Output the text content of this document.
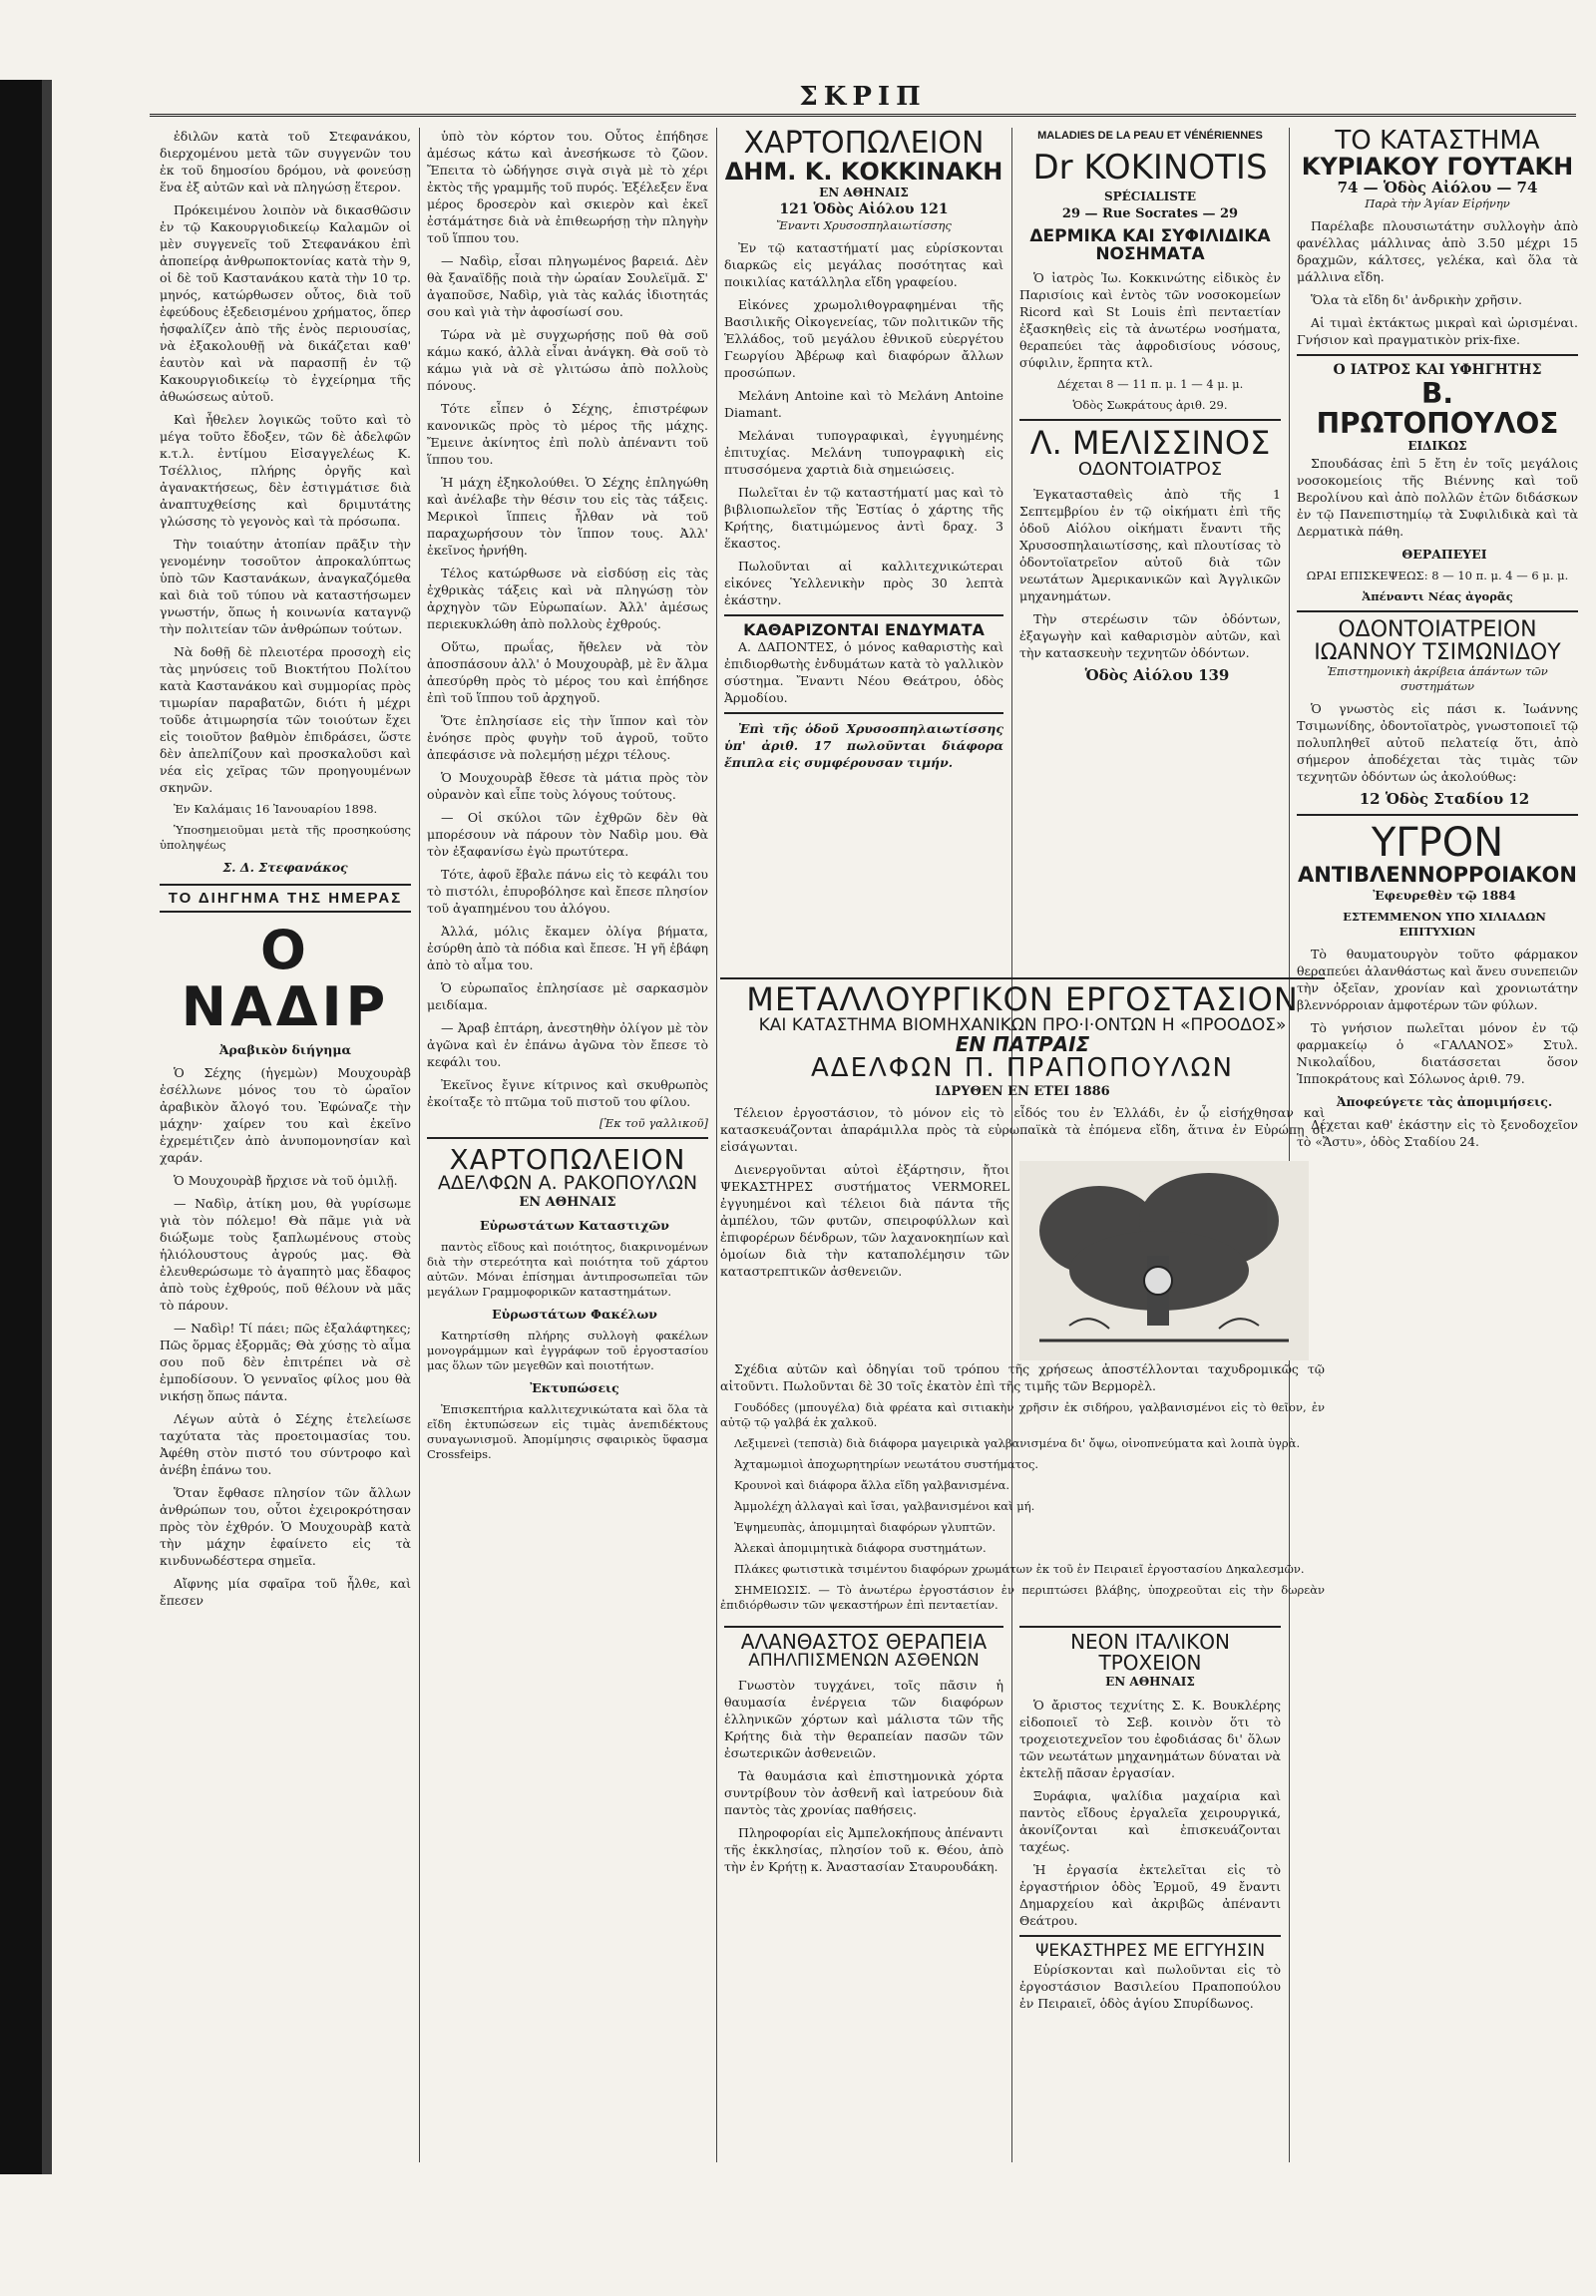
ΣΚΡΙΠ

ἐδιλῶν κατὰ τοῦ Στεφανάκου, διερχομένου μετὰ τῶν συγγενῶν του ἐκ τοῦ δημοσίου δρόμου, νὰ φονεύσῃ ἕνα ἐξ αὐτῶν καὶ νὰ πληγώσῃ ἕτερον.

Πρόκειμένου λοιπὸν νὰ δικασθῶσιν ἐν τῷ Κακουργιοδικείῳ Καλαμῶν οἱ μὲν συγγενεῖς τοῦ Στεφανάκου ἐπὶ ἀποπείρᾳ ἀνθρωποκτονίας κατὰ τὴν 9, οἱ δὲ τοῦ Καστανάκου κατὰ τὴν 10 τρ. μηνός, κατώρθωσεν οὗτος, διὰ τοῦ ἐφεύδους ἐξεδεισμένου χρήματος, ὅπερ ἠσφαλίζεν ἀπὸ τῆς ἑνὸς περιουσίας, νὰ ἐξακολουθῇ νὰ δικάζεται καθ' ἑαυτὸν καὶ νὰ παρασπῇ ἐν τῷ Κακουργιοδικείῳ τὸ ἐγχείρημα τῆς ἀθωώσεως αὐτοῦ.

Καὶ ἦθελεν λογικῶς τοῦτο καὶ τὸ μέγα τοῦτο ἔδοξεν, τῶν δὲ ἀδελφῶν κ.τ.λ. ἐντίμου Εἰσαγγελέως Κ. Τσέλλιος, πλήρης ὀργῆς καὶ ἀγανακτήσεως, δὲν ἐστιγμάτισε διὰ ἀναπτυχθείσης καὶ δριμυτάτης γλώσσης τὸ γεγονὸς καὶ τὰ πρόσωπα.

Τὴν τοιαύτην ἀτοπίαν πρᾶξιν τὴν γενομένην τοσοῦτον ἀπροκαλύπτως ὑπὸ τῶν Καστανάκων, ἀναγκαζόμεθα καὶ διὰ τοῦ τύπου νὰ καταστήσωμεν γνωστήν, ὅπως ἡ κοινωνία καταγνῷ τὴν πολιτείαν τῶν ἀνθρώπων τούτων.

Νὰ δοθῇ δὲ πλειοτέρα προσοχὴ εἰς τὰς μηνύσεις τοῦ Βιοκτήτου Πολίτου κατὰ Καστανάκου καὶ συμμορίας πρὸς τιμωρίαν παραβατῶν, διότι ἡ μέχρι τοῦδε ἀτιμωρησία τῶν τοιούτων ἔχει εἰς τοιοῦτον βαθμὸν ἐπιδράσει, ὥστε δὲν ἀπελπίζουν καὶ προσκαλοῦσι καὶ νέα εἰς χεῖρας τῶν προηγουμένων σκηνῶν.

Ἐν Καλάμαις 16 Ἰανουαρίου 1898.

Ὑποσημειοῦμαι μετὰ τῆς προσηκούσης ὑποληψέως

Σ. Δ. Στεφανάκος

ΤΟ ΔΙΗΓΗΜΑ ΤΗΣ ΗΜΕΡΑΣ
Ο ΝΑΔΙΡ

Ἀραβικὸν διήγημα

Ὁ Σέχης (ἡγεμὼν) Μουχουρὰβ ἐσέλλωνε μόνος του τὸ ὡραῖον ἀραβικὸν ἄλογό του. Ἐφώναζε τὴν μάχην· χαίρεν του καὶ ἐκεῖνο ἐχρεμέτιζεν ἀπὸ ἀνυπομονησίαν καὶ χαράν.

Ὁ Μουχουρὰβ ἤρχισε νὰ τοῦ ὁμιλῇ.

— Ναδὶρ, ἀτίκη μου, θὰ γυρίσωμε γιὰ τὸν πόλεμο! Θὰ πᾶμε γιὰ νὰ διώξωμε τοὺς ξαπλωμένους στοὺς ἡλιόλουστους ἀγρούς μας. Θὰ ἐλευθερώσωμε τὸ ἀγαπητὸ μας ἔδαφος ἀπὸ τοὺς ἐχθρούς, ποῦ θέλουν νὰ μᾶς τὸ πάρουν.

— Ναδὶρ! Τί πάει; πῶς ἐξαλάφτηκες; Πῶς ὅρμας ἐξορμᾶς; Θὰ χύσῃς τὸ αἷμα σου ποῦ δὲν ἐπιτρέπει νὰ σὲ ἐμποδίσουν. Ὁ γενναῖος φίλος μου θὰ νικήσῃ ὅπως πάντα.

Λέγων αὐτὰ ὁ Σέχης ἐτελείωσε ταχύτατα τὰς προετοιμασίας του. Ἀφέθη στὸν πιστό του σύντροφο καὶ ἀνέβη ἐπάνω του.

Ὅταν ἔφθασε πλησίον τῶν ἄλλων ἀνθρώπων του, οὗτοι ἐχειροκρότησαν πρὸς τὸν ἐχθρόν. Ὁ Μουχουρὰβ κατὰ τὴν μάχην ἐφαίνετο εἰς τὰ κινδυνωδέστερα σημεῖα.

Αἴφνης μία σφαῖρα τοῦ ἦλθε, καὶ ἔπεσεν

ὑπὸ τὸν κόρτον του. Οὗτος ἐπήδησε ἀμέσως κάτω καὶ ἀνεσήκωσε τὸ ζῶον. Ἔπειτα τὸ ὡδήγησε σιγὰ σιγὰ μὲ τὸ χέρι ἐκτὸς τῆς γραμμῆς τοῦ πυρός. Ἐξέλεξεν ἕνα μέρος δροσερὸν καὶ σκιερὸν καὶ ἐκεῖ ἐστάμάτησε διὰ νὰ ἐπιθεωρήσῃ τὴν πληγὴν τοῦ ἵππου του.

— Ναδὶρ, εἶσαι πληγωμένος βαρειά. Δὲν θὰ ξαναϊδῇς ποιὰ τὴν ὡραίαν Σουλεϊμᾶ. Σ' ἀγαποῦσε, Ναδὶρ, γιὰ τὰς καλάς ἰδιοτητάς σου καὶ γιὰ τὴν ἀφοσίωσί σου.

Τώρα νὰ μὲ συγχωρήσῃς ποῦ θὰ σοῦ κάμω κακό, ἀλλὰ εἶναι ἀνάγκη. Θὰ σοῦ τὸ κάμω γιὰ νὰ σὲ γλιτώσω ἀπὸ πολλοὺς πόνους.

Τότε εἶπεν ὁ Σέχης, ἐπιστρέφων κανονικῶς πρὸς τὸ μέρος τῆς μάχης. Ἔμεινε ἀκίνητος ἐπὶ πολὺ ἀπέναντι τοῦ ἵππου του.

Ἡ μάχη ἐξηκολούθει. Ὁ Σέχης ἐπληγώθη καὶ ἀνέλαβε τὴν θέσιν του εἰς τὰς τάξεις. Μερικοὶ ἵππεις ἦλθαν νὰ τοῦ παραχωρήσουν τὸν ἵππον τους. Ἀλλ' ἐκεῖνος ἠρνήθη.

Τέλος κατώρθωσε νὰ εἰσδύσῃ εἰς τὰς ἐχθρικὰς τάξεις καὶ νὰ πληγώσῃ τὸν ἀρχηγὸν τῶν Εὐρωπαίων. Ἀλλ' ἀμέσως περιεκυκλώθη ἀπὸ πολλοὺς ἐχθρούς.

Οὕτω, πρωΐας, ἤθελεν νὰ τὸν ἀποσπάσουν ἀλλ' ὁ Μουχουρὰβ, μὲ ἓν ἄλμα ἀπεσύρθη πρὸς τὸ μέρος του καὶ ἐπήδησε ἐπὶ τοῦ ἵππου τοῦ ἀρχηγοῦ.

Ὅτε ἐπλησίασε εἰς τὴν ἵππον καὶ τὸν ἐνόησε πρὸς φυγὴν τοῦ ἀγροῦ, τοῦτο ἀπεφάσισε νὰ πολεμήσῃ μέχρι τέλους.

Ὁ Μουχουρὰβ ἔθεσε τὰ μάτια πρὸς τὸν οὐρανὸν καὶ εἶπε τοὺς λόγους τούτους.

— Οἱ σκύλοι τῶν ἐχθρῶν δὲν θὰ μπορέσουν νὰ πάρουν τὸν Ναδὶρ μου. Θὰ τὸν ἐξαφανίσω ἐγὼ πρωτύτερα.

Τότε, ἀφοῦ ἔβαλε πάνω εἰς τὸ κεφάλι του τὸ πιστόλι, ἐπυροβόλησε καὶ ἔπεσε πλησίον τοῦ ἀγαπημένου του ἀλόγου.

Ἀλλά, μόλις ἔκαμεν ὀλίγα βήματα, ἐσύρθη ἀπὸ τὰ πόδια καὶ ἔπεσε. Ἡ γῆ ἐβάφη ἀπὸ τὸ αἷμα του.

Ὁ εὐρωπαῖος ἐπλησίασε μὲ σαρκασμὸν μειδίαμα.

— Ἀραβ ἐπτάρη, ἀνεστηθὴν ὀλίγον μὲ τὸν ἀγῶνα καὶ ἐν ἐπάνω ἀγῶνα τὸν ἔπεσε τὸ κεφάλι του.

Ἐκεῖνος ἔγινε κίτρινος καὶ σκυθρωπὸς ἐκοίταξε τὸ πτῶμα τοῦ πιστοῦ του φίλου.

[Ἐκ τοῦ γαλλικοῦ]

ΧΑΡΤΟΠΩΛΕΙΟΝ
ΑΔΕΛΦΩΝ Α. ΡΑΚΟΠΟΥΛΩΝ
ΕΝ ΑΘΗΝΑΙΣ

Εὐρωστάτων Καταστιχῶν

παντὸς εἴδους καὶ ποιότητος, διακρινομένων διὰ τὴν στερεότητα καὶ ποιότητα τοῦ χάρτου αὐτῶν. Μόναι ἐπίσημαι ἀντιπροσωπεῖαι τῶν μεγάλων Γραμμοφορικῶν καταστημάτων.

Εὐρωστάτων Φακέλων

Κατηρτίσθη πλήρης συλλογὴ φακέλων μονογράμμων καὶ ἐγγράφων τοῦ ἐργοστασίου μας ὅλων τῶν μεγεθῶν καὶ ποιοτήτων.

Ἐκτυπώσεις

Ἐπισκεπτήρια καλλιτεχνικώτατα καὶ ὅλα τὰ εἴδη ἐκτυπώσεων εἰς τιμὰς ἀνεπιδέκτους συναγωνισμοῦ. Ἀπομίμησις σφαιρικὸς ὕφασμα Crossfeips.

ΧΑΡΤΟΠΩΛΕΙΟΝ
ΔΗΜ. Κ. ΚΟΚΚΙΝΑΚΗ
ΕΝ ΑΘΗΝΑΙΣ
121 Ὁδὸς Αἰόλου 121

Ἔναντι Χρυσοσπηλαιωτίσσης

Ἐν τῷ καταστήματί μας εὑρίσκονται διαρκῶς εἰς μεγάλας ποσότητας καὶ ποικιλίας κατάλληλα εἴδη γραφείου.

Εἰκόνες χρωμολιθογραφημέναι τῆς Βασιλικῆς Οἰκογενείας, τῶν πολιτικῶν τῆς Ἑλλάδος, τοῦ μεγάλου ἐθνικοῦ εὐεργέτου Γεωργίου Ἀβέρωφ καὶ διαφόρων ἄλλων προσώπων.

Μελάνη Antoine καὶ τὸ Μελάνη Antoine Diamant.

Μελάναι τυπογραφικαὶ, ἐγγυημένης ἐπιτυχίας. Μελάνη τυπογραφικὴ εἰς πτυσσόμενα χαρτιὰ διὰ σημειώσεις.

Πωλεῖται ἐν τῷ καταστήματί μας καὶ τὸ βιβλιοπωλεῖον τῆς Ἑστίας ὁ χάρτης τῆς Κρήτης, διατιμώμενος ἀντὶ δραχ. 3 ἕκαστος.

Πωλοῦνται αἱ καλλιτεχνικώτεραι εἰκόνες Ὑελλενικὴν πρὸς 30 λεπτὰ ἑκάστην.

ΚΑΘΑΡΙΖΟΝΤΑΙ ΕΝΔΥΜΑΤΑ

Α. ΔΑΠΟΝΤΕΣ, ὁ μόνος καθαριστὴς καὶ ἐπιδιορθωτὴς ἐνδυμάτων κατὰ τὸ γαλλικὸν σύστημα. Ἔναντι Νέου Θεάτρου, ὁδὸς Ἀρμοδίου.

Ἐπὶ τῆς ὁδοῦ Χρυσοσπηλαιωτίσσης ὑπ' ἀριθ. 17 πωλοῦνται διάφορα ἔπιπλα εἰς συμφέρουσαν τιμήν.

MALADIES DE LA PEAU ET VÉNÉRIENNES
Dr KOKINOTIS
SPÉCIALISTE
29 — Rue Socrates — 29
ΔΕΡΜΙΚΑ ΚΑΙ ΣΥΦΙΛΙΔΙΚΑ ΝΟΣΗΜΑΤΑ

Ὁ ἰατρὸς Ἰω. Κοκκινώτης εἰδικὸς ἐν Παρισίοις καὶ ἐντὸς τῶν νοσοκομείων Ricord καὶ St Louis ἐπὶ πενταετίαν ἐξασκηθεὶς εἰς τὰ ἀνωτέρω νοσήματα, θεραπεύει τὰς ἀφροδισίους νόσους, σύφιλιν, ἕρπητα κτλ.

Δέχεται 8 — 11 π. μ. 1 — 4 μ. μ.

Ὁδὸς Σωκράτους ἀριθ. 29.

Λ. ΜΕΛΙΣΣΙΝΟΣ
ΟΔΟΝΤΟΙΑΤΡΟΣ

Ἐγκατασταθεὶς ἀπὸ τῆς 1 Σεπτεμβρίου ἐν τῷ οἰκήματι ἐπὶ τῆς ὁδοῦ Αἰόλου οἰκήματι ἔναντι τῆς Χρυσοσπηλαιωτίσσης, καὶ πλουτίσας τὸ ὀδοντοϊατρεῖον αὐτοῦ διὰ τῶν νεωτάτων Ἀμερικανικῶν καὶ Ἀγγλικῶν μηχανημάτων.

Τὴν στερέωσιν τῶν ὀδόντων, ἐξαγωγὴν καὶ καθαρισμὸν αὐτῶν, καὶ τὴν κατασκευὴν τεχνητῶν ὀδόντων.

Ὁδὸς Αἰόλου 139

ΜΕΤΑΛΛΟΥΡΓΙΚΟΝ ΕΡΓΟΣΤΑΣΙΟΝ
ΚΑΙ ΚΑΤΑΣΤΗΜΑ ΒΙΟΜΗΧΑΝΙΚΩΝ ΠΡΟ·Ι·ΟΝΤΩΝ Η «ΠΡΟΟΔΟΣ»
ΕΝ ΠΑΤΡΑΙΣ
ΑΔΕΛΦΩΝ Π. ΠΡΑΠΟΠΟΥΛΩΝ
ΙΔΡΥΘΕΝ ΕΝ ΕΤΕΙ 1886

Τέλειον ἐργοστάσιον, τὸ μόνον εἰς τὸ εἶδός του ἐν Ἑλλάδι, ἐν ᾧ εἰσήχθησαν καὶ κατασκευάζονται ἀπαράμιλλα πρὸς τὰ εὐρωπαϊκὰ τὰ ἐπόμενα εἴδη, ἅτινα ἐν Εὐρώπῃ οἱ εἰσάγωνται.

Διενεργοῦνται αὐτοὶ ἐξάρτησιν, ἤτοι ΨΕΚΑΣΤΗΡΕΣ συστήματος VERMOREL ἐγγυημένοι καὶ τέλειοι διὰ πάντα τῆς ἀμπέλου, τῶν φυτῶν, σπειροφύλλων καὶ ἐπιφορέρων δένδρων, τῶν λαχανοκηπίων καὶ ὁμοίων διὰ τὴν καταπολέμησιν τῶν καταστρεπτικῶν ἀσθενειῶν.

Σχέδια αὐτῶν καὶ ὁδηγίαι τοῦ τρόπου τῆς χρήσεως ἀποστέλλονται ταχυδρομικῶς τῷ αἰτοῦντι. Πωλοῦνται δὲ 30 τοῖς ἑκατὸν ἐπὶ τῆς τιμῆς τῶν Βερμορὲλ.

Γουδόδες (μπουγέλα) διὰ φρέατα καὶ σιτιακὴν χρῆσιν ἐκ σιδήρου, γαλβανισμένοι εἰς τὸ θεῖον, ἐν αὐτῷ τῷ γαλβά ἐκ χαλκοῦ.

Λεξιμενεὶ (τεπσιὰ) διὰ διάφορα μαγειρικὰ γαλβανισμένα δι' ὄψω, οἰνοπνεύματα καὶ λοιπὰ ὑγρὰ.

Ἀχταμωμιοὶ ἀποχωρητηρίων νεωτάτου συστήματος.

Κρουνοὶ καὶ διάφορα ἄλλα εἴδη γαλβανισμένα.

Ἀμμολέχη ἀλλαγαὶ καὶ ἴσαι, γαλβανισμένοι καὶ μή.

Ἐψημευπὰς, ἀπομιμηταὶ διαφόρων γλυπτῶν.

Ἀλεκαὶ ἀπομιμητικὰ διάφορα συστημάτων.

Πλάκες φωτιστικὰ τσιμέντου διαφόρων χρωμάτων ἐκ τοῦ ἐν Πειραιεῖ ἐργοστασίου Δηκαλεσμῶν.

ΣΗΜΕΙΩΣΙΣ. — Τὸ ἀνωτέρω ἐργοστάσιον ἐν περιπτώσει βλάβης, ὑποχρεοῦται εἰς τὴν δωρεὰν ἐπιδιόρθωσιν τῶν ψεκαστήρων ἐπὶ πενταετίαν.

ΑΛΑΝΘΑΣΤΟΣ ΘΕΡΑΠΕΙΑ
ΑΠΗΛΠΙΣΜΕΝΩΝ ΑΣΘΕΝΩΝ

Γνωστὸν τυγχάνει, τοῖς πᾶσιν ἡ θαυμασία ἐνέργεια τῶν διαφόρων ἑλληνικῶν χόρτων καὶ μάλιστα τῶν τῆς Κρήτης διὰ τὴν θεραπείαν πασῶν τῶν ἐσωτερικῶν ἀσθενειῶν.

Τὰ θαυμάσια καὶ ἐπιστημονικὰ χόρτα συντρίβουν τὸν ἀσθενῆ καὶ ἰατρεύουν διὰ παντὸς τὰς χρονίας παθήσεις.

Πληροφορίαι εἰς Ἀμπελοκήπους ἀπέναντι τῆς ἐκκλησίας, πλησίον τοῦ κ. Θέου, ἀπὸ τὴν ἐν Κρήτῃ κ. Ἀναστασίαν Σταυρουδάκη.

ΝΕΟΝ ΙΤΑΛΙΚΟΝ ΤΡΟΧΕΙΟΝ
ΕΝ ΑΘΗΝΑΙΣ

Ὁ ἄριστος τεχνίτης Σ. Κ. Βουκλέρης εἰδοποιεῖ τὸ Σεβ. κοινὸν ὅτι τὸ τροχειοτεχνεῖον του ἐφοδιάσας δι' ὅλων τῶν νεωτάτων μηχανημάτων δύναται νὰ ἐκτελῇ πᾶσαν ἐργασίαν.

Ξυράφια, ψαλίδια μαχαίρια καὶ παντὸς εἴδους ἐργαλεῖα χειρουργικά, ἀκονίζονται καὶ ἐπισκευάζονται ταχέως.

Ἡ ἐργασία ἐκτελεῖται εἰς τὸ ἐργαστήριον ὁδὸς Ἑρμοῦ, 49 ἔναντι Δημαρχείου καὶ ἀκριβῶς ἀπέναντι Θεάτρου.

ΨΕΚΑΣΤΗΡΕΣ ΜΕ ΕΓΓΥΗΣΙΝ

Εὑρίσκονται καὶ πωλοῦνται εἰς τὸ ἐργοστάσιον Βασιλείου Πραποπούλου ἐν Πειραιεῖ, ὁδὸς ἁγίου Σπυρίδωνος.

ΤΟ ΚΑΤΑΣΤΗΜΑ
ΚΥΡΙΑΚΟΥ ΓΟΥΤΑΚΗ
74 — Ὁδὸς Αἰόλου — 74

Παρὰ τὴν Ἁγίαν Εἰρήνην

Παρέλαβε πλουσιωτάτην συλλογὴν ἀπὸ φανέλλας μάλλινας ἀπὸ 3.50 μέχρι 15 δραχμῶν, κάλτσες, γελέκα, καὶ ὅλα τὰ μάλλινα εἴδη.

Ὅλα τὰ εἴδη δι' ἀνδρικὴν χρῆσιν.

Αἱ τιμαὶ ἐκτάκτως μικραὶ καὶ ὡρισμέναι. Γνήσιον καὶ πραγματικὸν prix-fixe.

Ο ΙΑΤΡΟΣ ΚΑΙ ΥΦΗΓΗΤΗΣ
Β. ΠΡΩΤΟΠΟΥΛΟΣ
ΕΙΔΙΚΩΣ

Σπουδάσας ἐπὶ 5 ἔτη ἐν τοῖς μεγάλοις νοσοκομείοις τῆς Βιέννης καὶ τοῦ Βερολίνου καὶ ἀπὸ πολλῶν ἐτῶν διδάσκων ἐν τῷ Πανεπιστημίῳ τὰ Συφιλιδικὰ καὶ τὰ Δερματικὰ πάθη.

ΘΕΡΑΠΕΥΕΙ

ΩΡΑΙ ΕΠΙΣΚΕΨΕΩΣ: 8 — 10 π. μ. 4 — 6 μ. μ.

Ἀπέναντι Νέας ἀγορᾶς

ΟΔΟΝΤΟΙΑΤΡΕΙΟΝ
ΙΩΑΝΝΟΥ ΤΣΙΜΩΝΙΔΟΥ

Ἐπιστημονικὴ ἀκρίβεια ἁπάντων τῶν συστημάτων

Ὁ γνωστὸς εἰς πάσι κ. Ἰωάννης Τσιμωνίδης, ὀδοντοϊατρὸς, γνωστοποιεῖ τῷ πολυπληθεῖ αὐτοῦ πελατείᾳ ὅτι, ἀπὸ σήμερον ἀποδέχεται τὰς τιμὰς τῶν τεχνητῶν ὀδόντων ὡς ἀκολούθως:

12 Ὁδὸς Σταδίου 12

ΥΓΡΟΝ
ΑΝΤΙΒΛΕΝΝΟΡΡΟΙΑΚΟΝ

Ἐφευρεθὲν τῷ 1884

ΕΣΤΕΜΜΕΝΟΝ ΥΠΟ ΧΙΛΙΑΔΩΝ ΕΠΙΤΥΧΙΩΝ

Τὸ θαυματουργὸν τοῦτο φάρμακον θεραπεύει ἀλανθάστως καὶ ἄνευ συνεπειῶν τὴν ὀξεῖαν, χρονίαν καὶ χρονιωτάτην βλεννόρροιαν ἀμφοτέρων τῶν φύλων.

Τὸ γνήσιον πωλεῖται μόνον ἐν τῷ φαρμακείῳ ὁ «ΓΑΛΑΝΟΣ» Στυλ. Νικολαΐδου, διατάσσεται ὅσον Ἱπποκράτους καὶ Σόλωνος ἀριθ. 79.

Ἀποφεύγετε τὰς ἀπομιμήσεις.

Δέχεται καθ' ἑκάστην εἰς τὸ ξενοδοχεῖον τὸ «Ἄστυ», ὁδὸς Σταδίου 24.
